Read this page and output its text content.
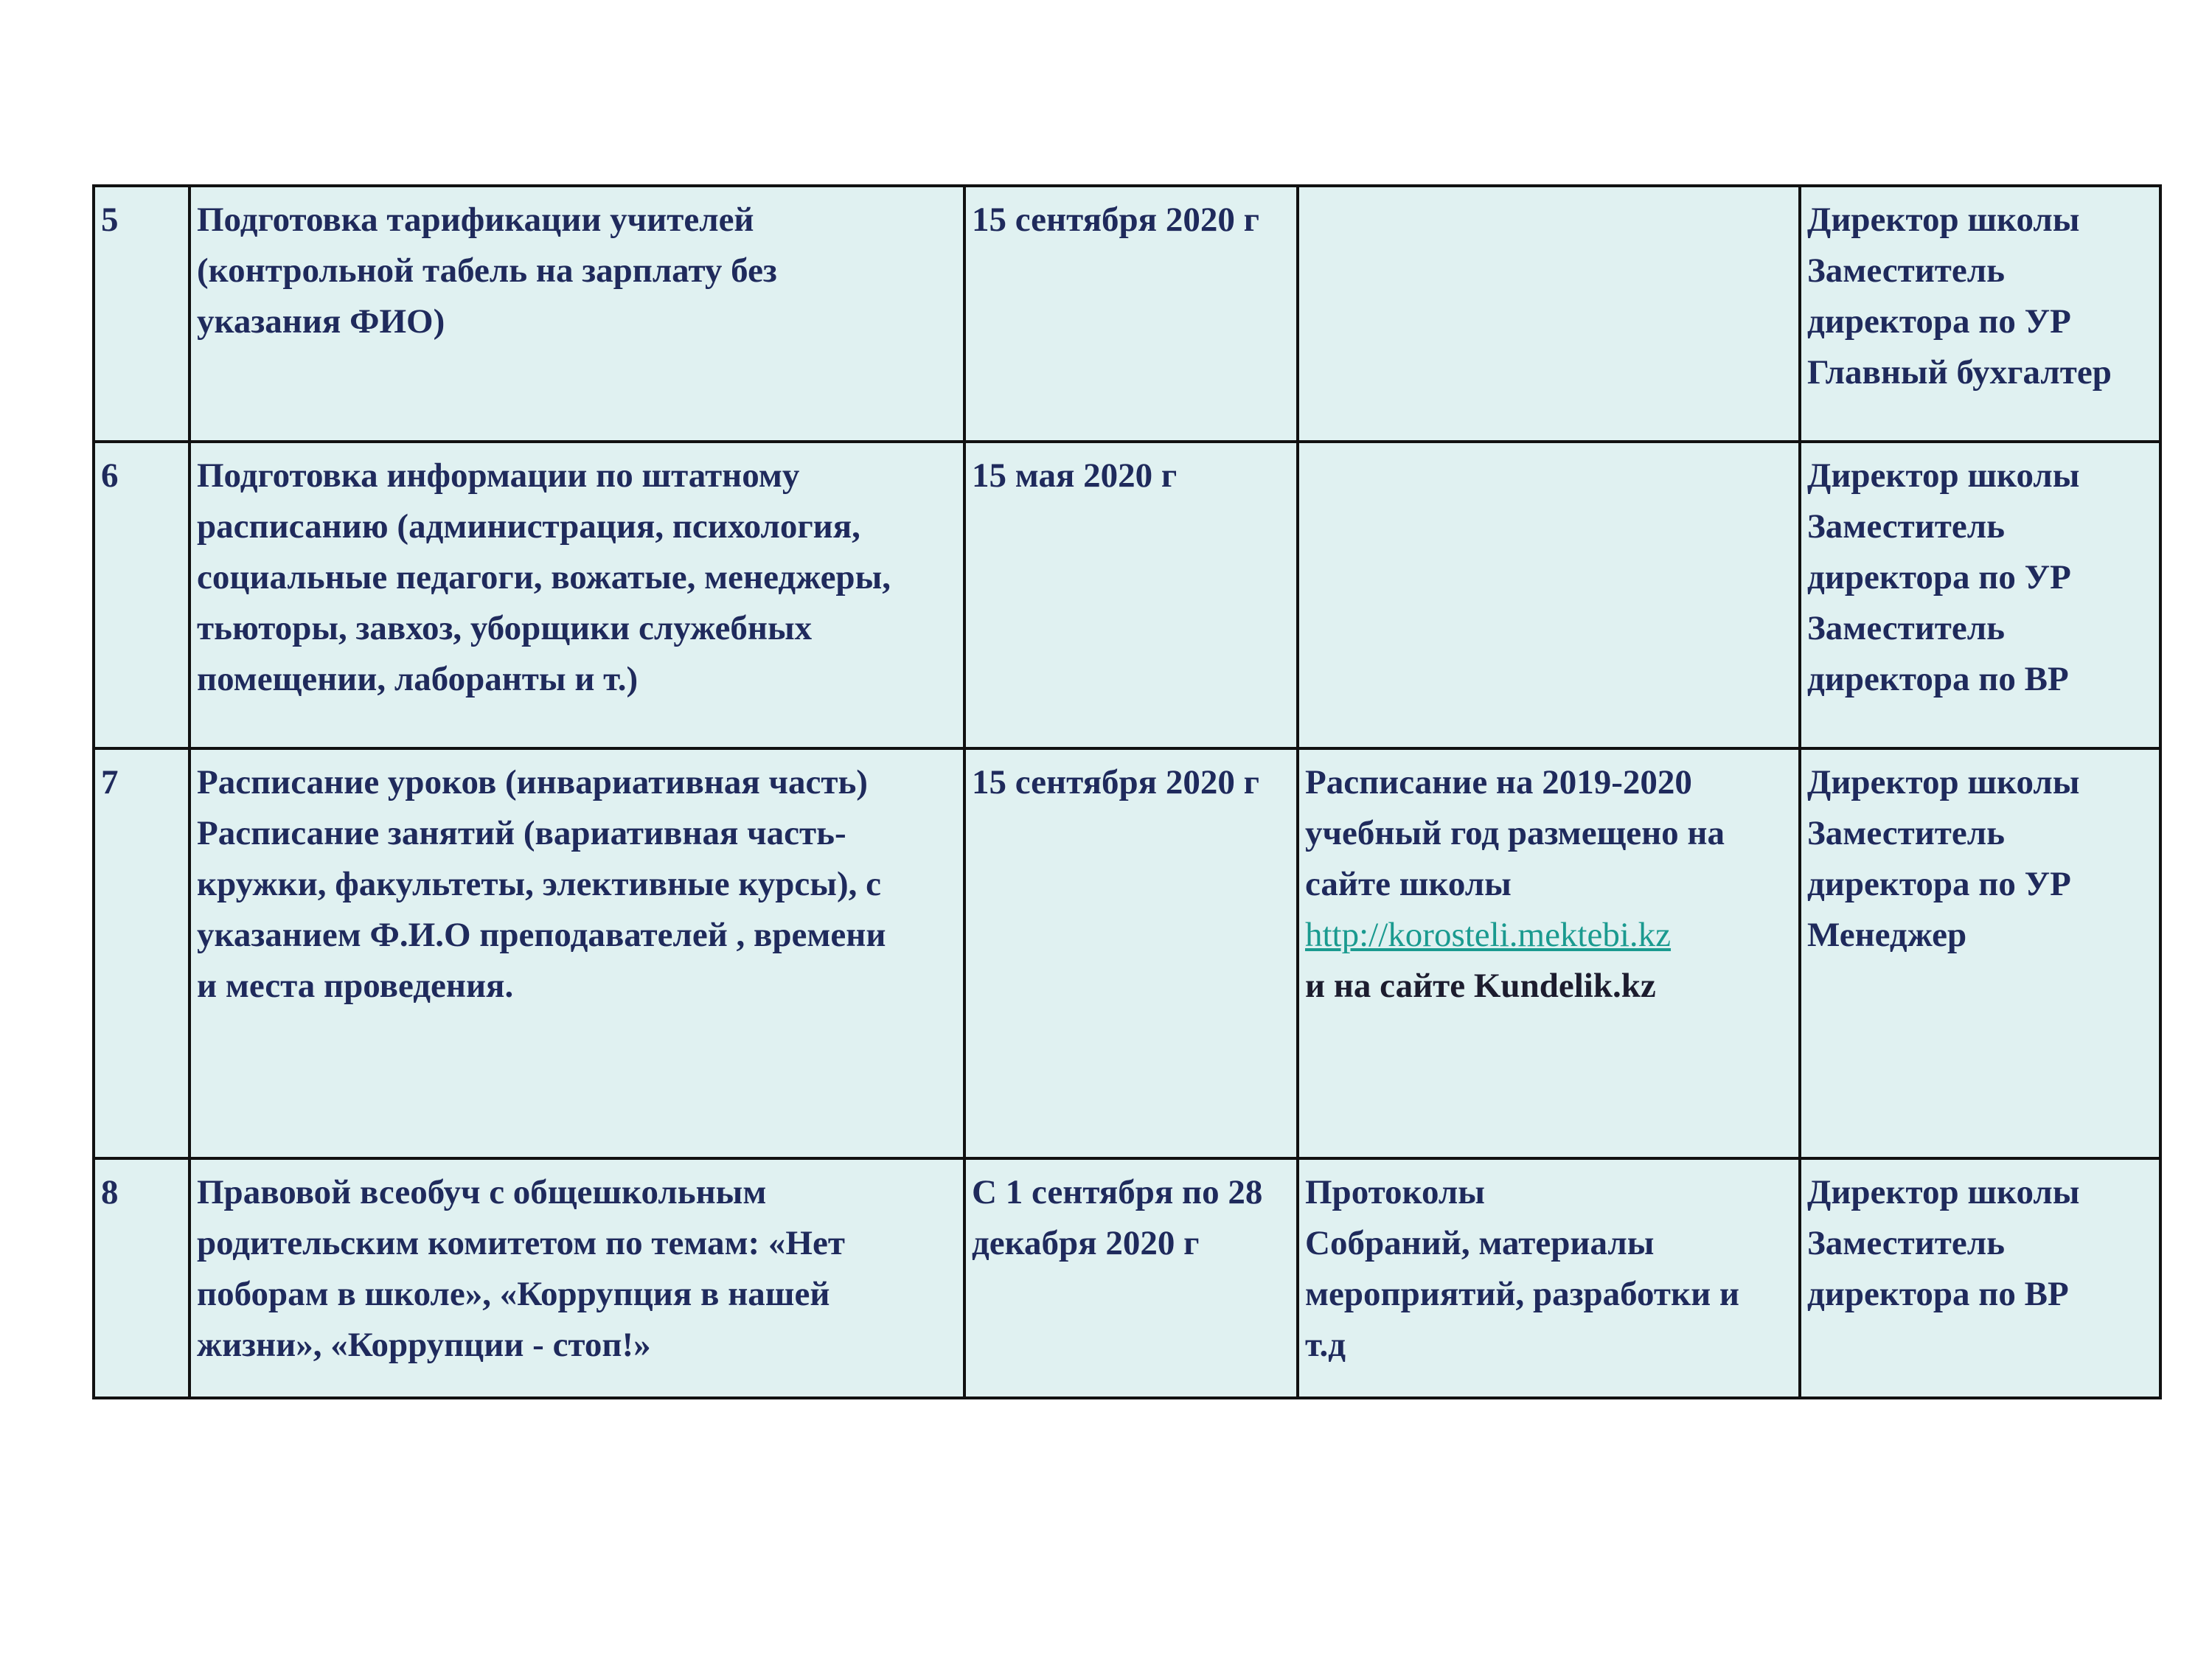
5	Подготовка тарификации учителей
(контрольной табель на зарплату без
указания ФИО)	15 сентября 2020 г		Директор школы
Заместитель
директора по УР
Главный бухгалтер

6	Подготовка информации по штатному
расписанию (администрация, психология,
социальные педагоги, вожатые, менеджеры,
тьюторы, завхоз, уборщики служебных
помещении, лаборанты и т.)	15 мая 2020 г		Директор школы
Заместитель
директора по УР
Заместитель
директора по ВР

7	Расписание уроков (инвариативная часть)
Расписание занятий (вариативная часть-
кружки, факультеты, элективные курсы), с
указанием Ф.И.О преподавателей , времени
и места проведения.	15 сентября 2020 г	Расписание на 2019-2020
учебный год размещено на
сайте школы
http://korosteli.mektebi.kz
и на сайте Kundelik.kz	Директор школы
Заместитель
директора по УР
Менеджер

8	Правовой всеобуч с общешкольным
родительским комитетом по темам: «Нет
поборам в школе», «Коррупция в нашей
жизни», «Коррупции - стоп!»	С 1 сентября по 28
декабря 2020 г	Протоколы
Собраний, материалы
мероприятий, разработки и
т.д	Директор школы
Заместитель
директора по ВР
